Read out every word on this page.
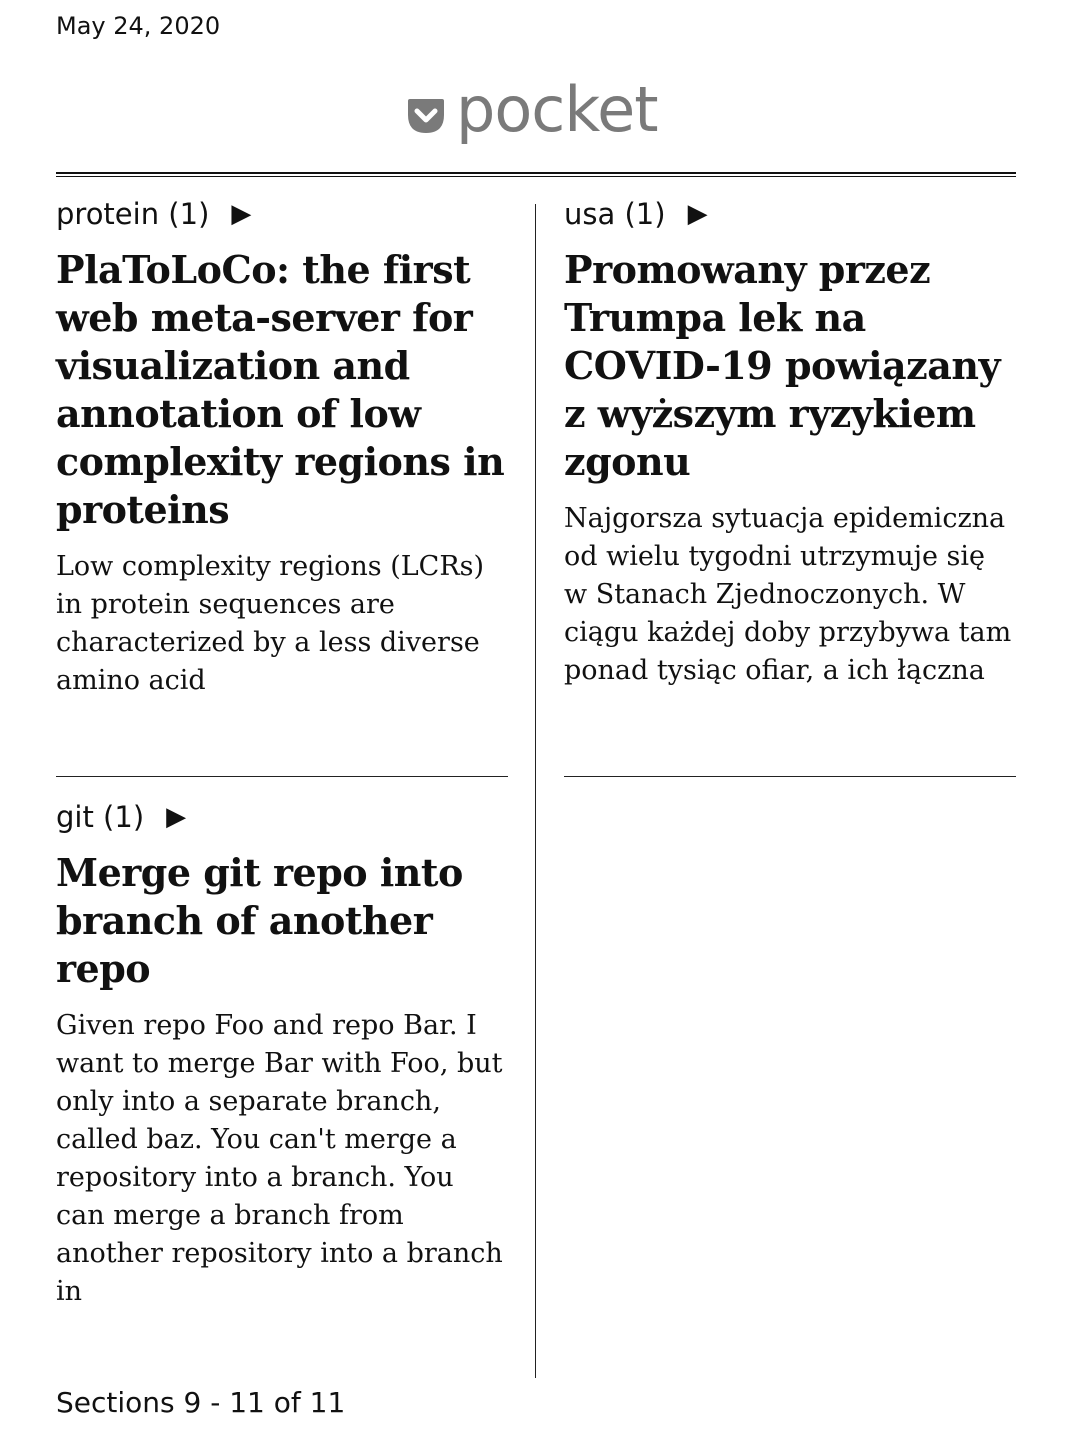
May 24, 2020
pocket
protein (1) ▶
PlaToLoCo: the first web meta-server for visualization and annotation of low complexity regions in proteins
Low complexity regions (LCRs) in protein sequences are characterized by a less diverse amino acid
usa (1) ▶
Promowany przez Trumpa lek na COVID-19 powiązany z wyższym ryzykiem zgonu
Najgorsza sytuacja epidemiczna od wielu tygodni utrzymuje się w Stanach Zjednoczonych. W ciągu każdej doby przybywa tam ponad tysiąc ofiar, a ich łączna
git (1) ▶
Merge git repo into branch of another repo
Given repo Foo and repo Bar. I want to merge Bar with Foo, but only into a separate branch, called baz. You can't merge a repository into a branch. You can merge a branch from another repository into a branch in
Sections 9 - 11 of 11
